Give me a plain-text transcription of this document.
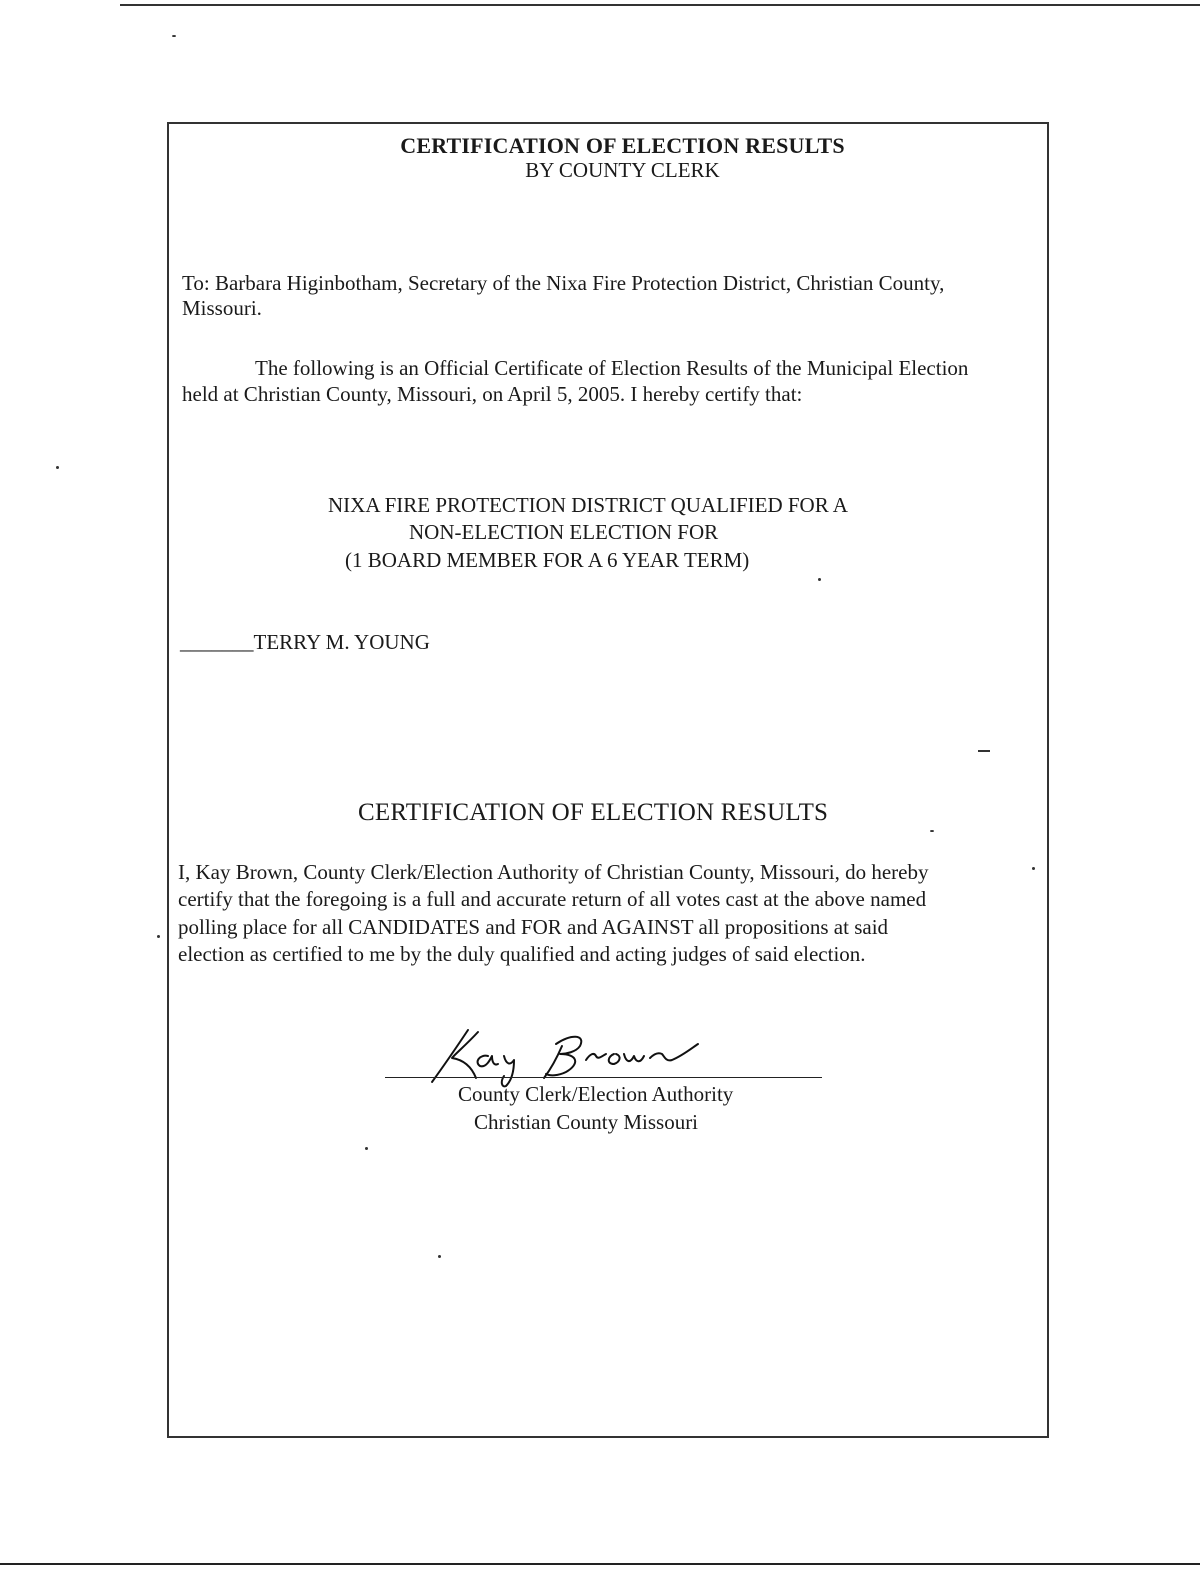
CERTIFICATION OF ELECTION RESULTS
BY COUNTY CLERK
To: Barbara Higinbotham, Secretary of the Nixa Fire Protection District, Christian County,
Missouri.
The following is an Official Certificate of Election Results of the Municipal Election
held at Christian County, Missouri, on April 5, 2005. I hereby certify that:
NIXA FIRE PROTECTION DISTRICT QUALIFIED FOR A
NON-ELECTION ELECTION FOR
(1 BOARD MEMBER FOR A 6 YEAR TERM)
_______TERRY M. YOUNG
CERTIFICATION OF ELECTION RESULTS
I, Kay Brown, County Clerk/Election Authority of Christian County, Missouri, do hereby
certify that the foregoing is a full and accurate return of all votes cast at the above named
polling place for all CANDIDATES and FOR and AGAINST all propositions at said
election as certified to me by the duly qualified and acting judges of said election.
County Clerk/Election Authority
Christian County Missouri
